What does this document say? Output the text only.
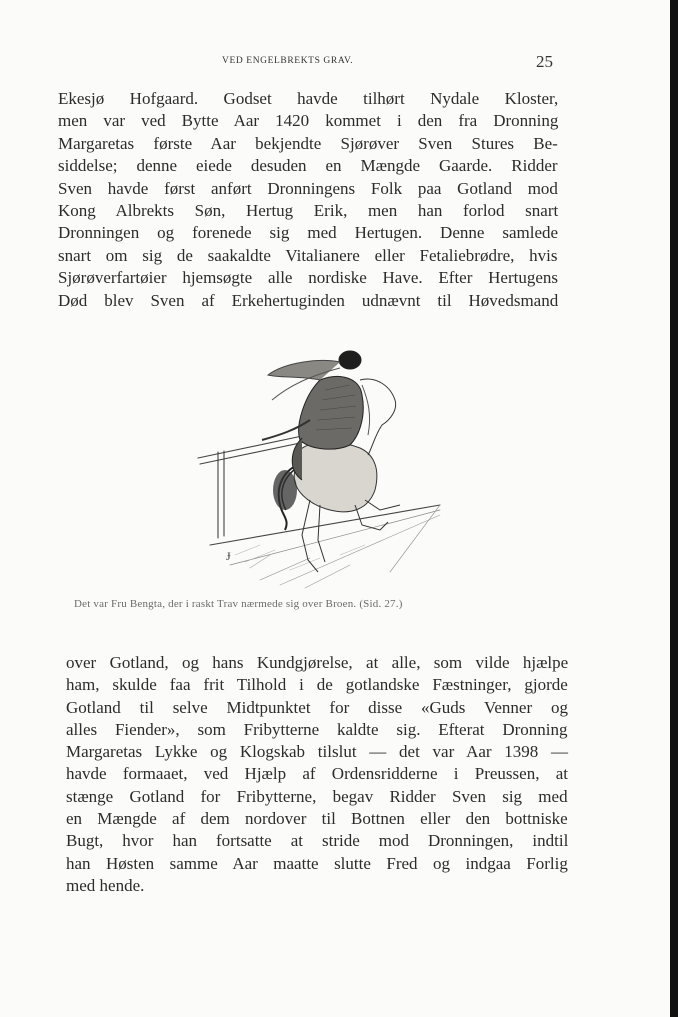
VED ENGELBREKTS GRAV.	25

Ekesjø Hofgaard. Godset havde tilhørt Nydale Kloster,
men var ved Bytte Aar 1420 kommet i den fra Dronning
Margaretas første Aar bekjendte Sjørøver Sven Stures Be-
siddelse; denne eiede desuden en Mængde Gaarde. Ridder
Sven havde først anført Dronningens Folk paa Gotland mod
Kong Albrekts Søn, Hertug Erik, men han forlod snart
Dronningen og forenede sig med Hertugen. Denne samlede
snart om sig de saakaldte Vitalianere eller Fetaliebrødre, hvis
Sjørøverfartøier hjemsøgte alle nordiske Have. Efter Hertugens
Død blev Sven af Erkehertuginden udnævnt til Høvedsmand

Ɉ
Det var Fru Bengta, der i raskt Trav nærmede sig over Broen. (Sid. 27.)

over Gotland, og hans Kundgjørelse, at alle, som vilde hjælpe
ham, skulde faa frit Tilhold i de gotlandske Fæstninger, gjorde
Gotland til selve Midtpunktet for disse «Guds Venner og
alles Fiender», som Fribytterne kaldte sig. Efterat Dronning
Margaretas Lykke og Klogskab tilslut — det var Aar 1398 —
havde formaaet, ved Hjælp af Ordensridderne i Preussen, at
stænge Gotland for Fribytterne, begav Ridder Sven sig med
en Mængde af dem nordover til Bottnen eller den bottniske
Bugt, hvor han fortsatte at stride mod Dronningen, indtil
han Høsten samme Aar maatte slutte Fred og indgaa Forlig
med hende.
